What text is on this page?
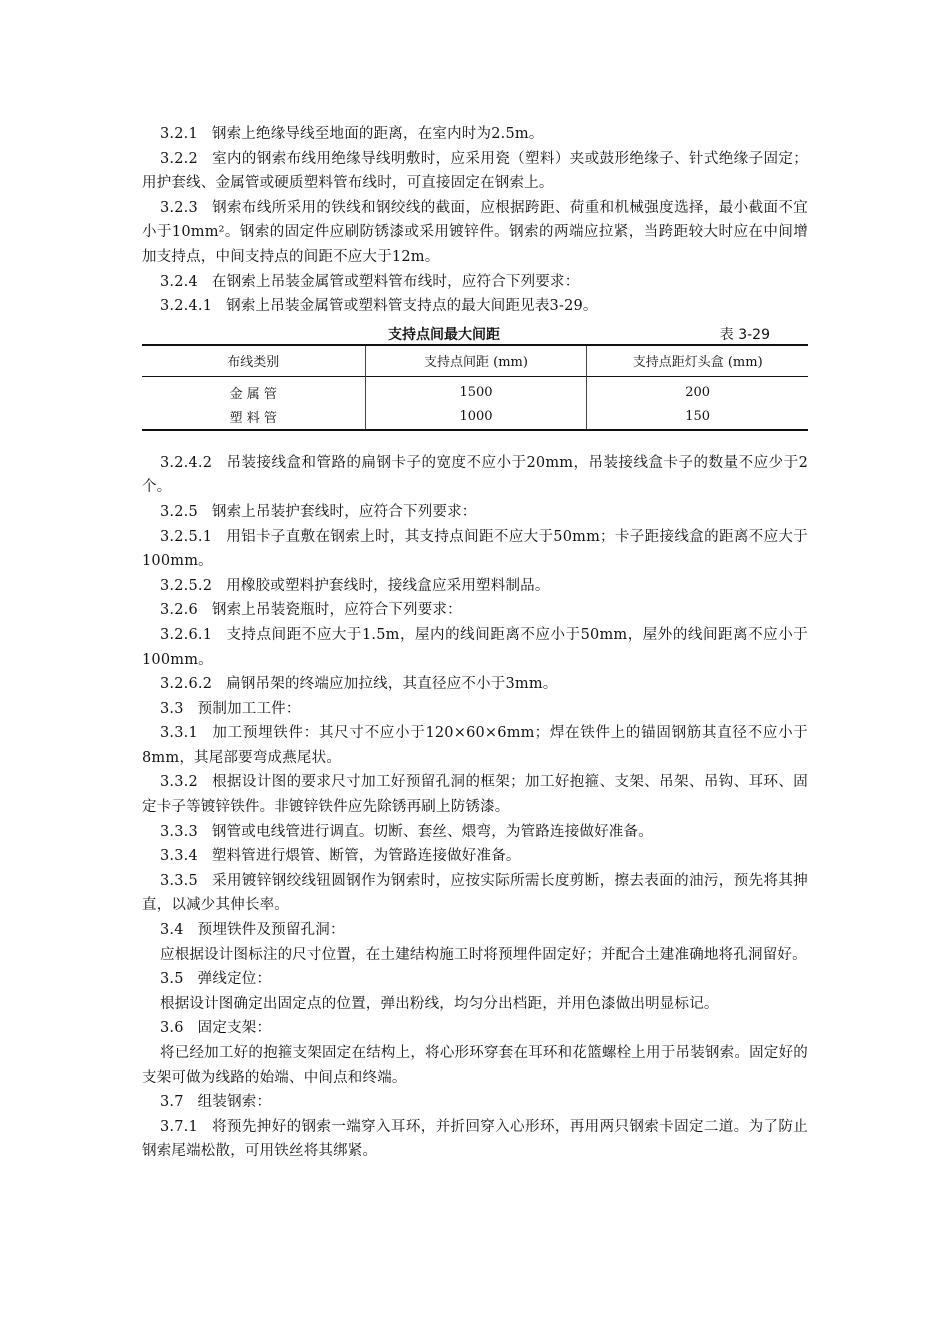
3.2.1 钢索上绝缘导线至地面的距离，在室内时为2.5m。

3.2.2 室内的钢索布线用绝缘导线明敷时，应采用瓷（塑料）夹或鼓形绝缘子、针式绝缘子固定；用护套线、金属管或硬质塑料管布线时，可直接固定在钢索上。

3.2.3 钢索布线所采用的铁线和钢绞线的截面，应根据跨距、荷重和机械强度选择，最小截面不宜小于10mm²。钢索的固定件应刷防锈漆或采用镀锌件。钢索的两端应拉紧，当跨距较大时应在中间增加支持点，中间支持点的间距不应大于12m。

3.2.4 在钢索上吊装金属管或塑料管布线时，应符合下列要求：

3.2.4.1 钢索上吊装金属管或塑料管支持点的最大间距见表3-29。

支持点间最大间距	表 3-29
布线类别	支持点间距 (mm)	支持点距灯头盒 (mm)
金 属 管	1500	200
塑 料 管	1000	150

3.2.4.2 吊装接线盒和管路的扁钢卡子的宽度不应小于20mm，吊装接线盒卡子的数量不应少于2个。

3.2.5 钢索上吊装护套线时，应符合下列要求：

3.2.5.1 用铝卡子直敷在钢索上时，其支持点间距不应大于50mm；卡子距接线盒的距离不应大于100mm。

3.2.5.2 用橡胶或塑料护套线时，接线盒应采用塑料制品。

3.2.6 钢索上吊装瓷瓶时，应符合下列要求：

3.2.6.1 支持点间距不应大于1.5m，屋内的线间距离不应小于50mm，屋外的线间距离不应小于100mm。

3.2.6.2 扁钢吊架的终端应加拉线，其直径应不小于3mm。

3.3 预制加工工件：

3.3.1 加工预埋铁件：其尺寸不应小于120×60×6mm；焊在铁件上的锚固钢筋其直径不应小于8mm，其尾部要弯成燕尾状。

3.3.2 根据设计图的要求尺寸加工好预留孔洞的框架；加工好抱箍、支架、吊架、吊钩、耳环、固定卡子等镀锌铁件。非镀锌铁件应先除锈再刷上防锈漆。

3.3.3 钢管或电线管进行调直。切断、套丝、煨弯，为管路连接做好准备。

3.3.4 塑料管进行煨管、断管，为管路连接做好准备。

3.3.5 采用镀锌钢绞线钮圆钢作为钢索时，应按实际所需长度剪断，擦去表面的油污，预先将其抻直，以减少其伸长率。

3.4 预埋铁件及预留孔洞：

应根据设计图标注的尺寸位置，在土建结构施工时将预埋件固定好；并配合土建准确地将孔洞留好。

3.5 弹线定位：

根据设计图确定出固定点的位置，弹出粉线，均匀分出档距，并用色漆做出明显标记。

3.6 固定支架：

将已经加工好的抱箍支架固定在结构上，将心形环穿套在耳环和花篮螺栓上用于吊装钢索。固定好的支架可做为线路的始端、中间点和终端。

3.7 组装钢索：

3.7.1 将预先抻好的钢索一端穿入耳环，并折回穿入心形环，再用两只钢索卡固定二道。为了防止钢索尾端松散，可用铁丝将其绑紧。
